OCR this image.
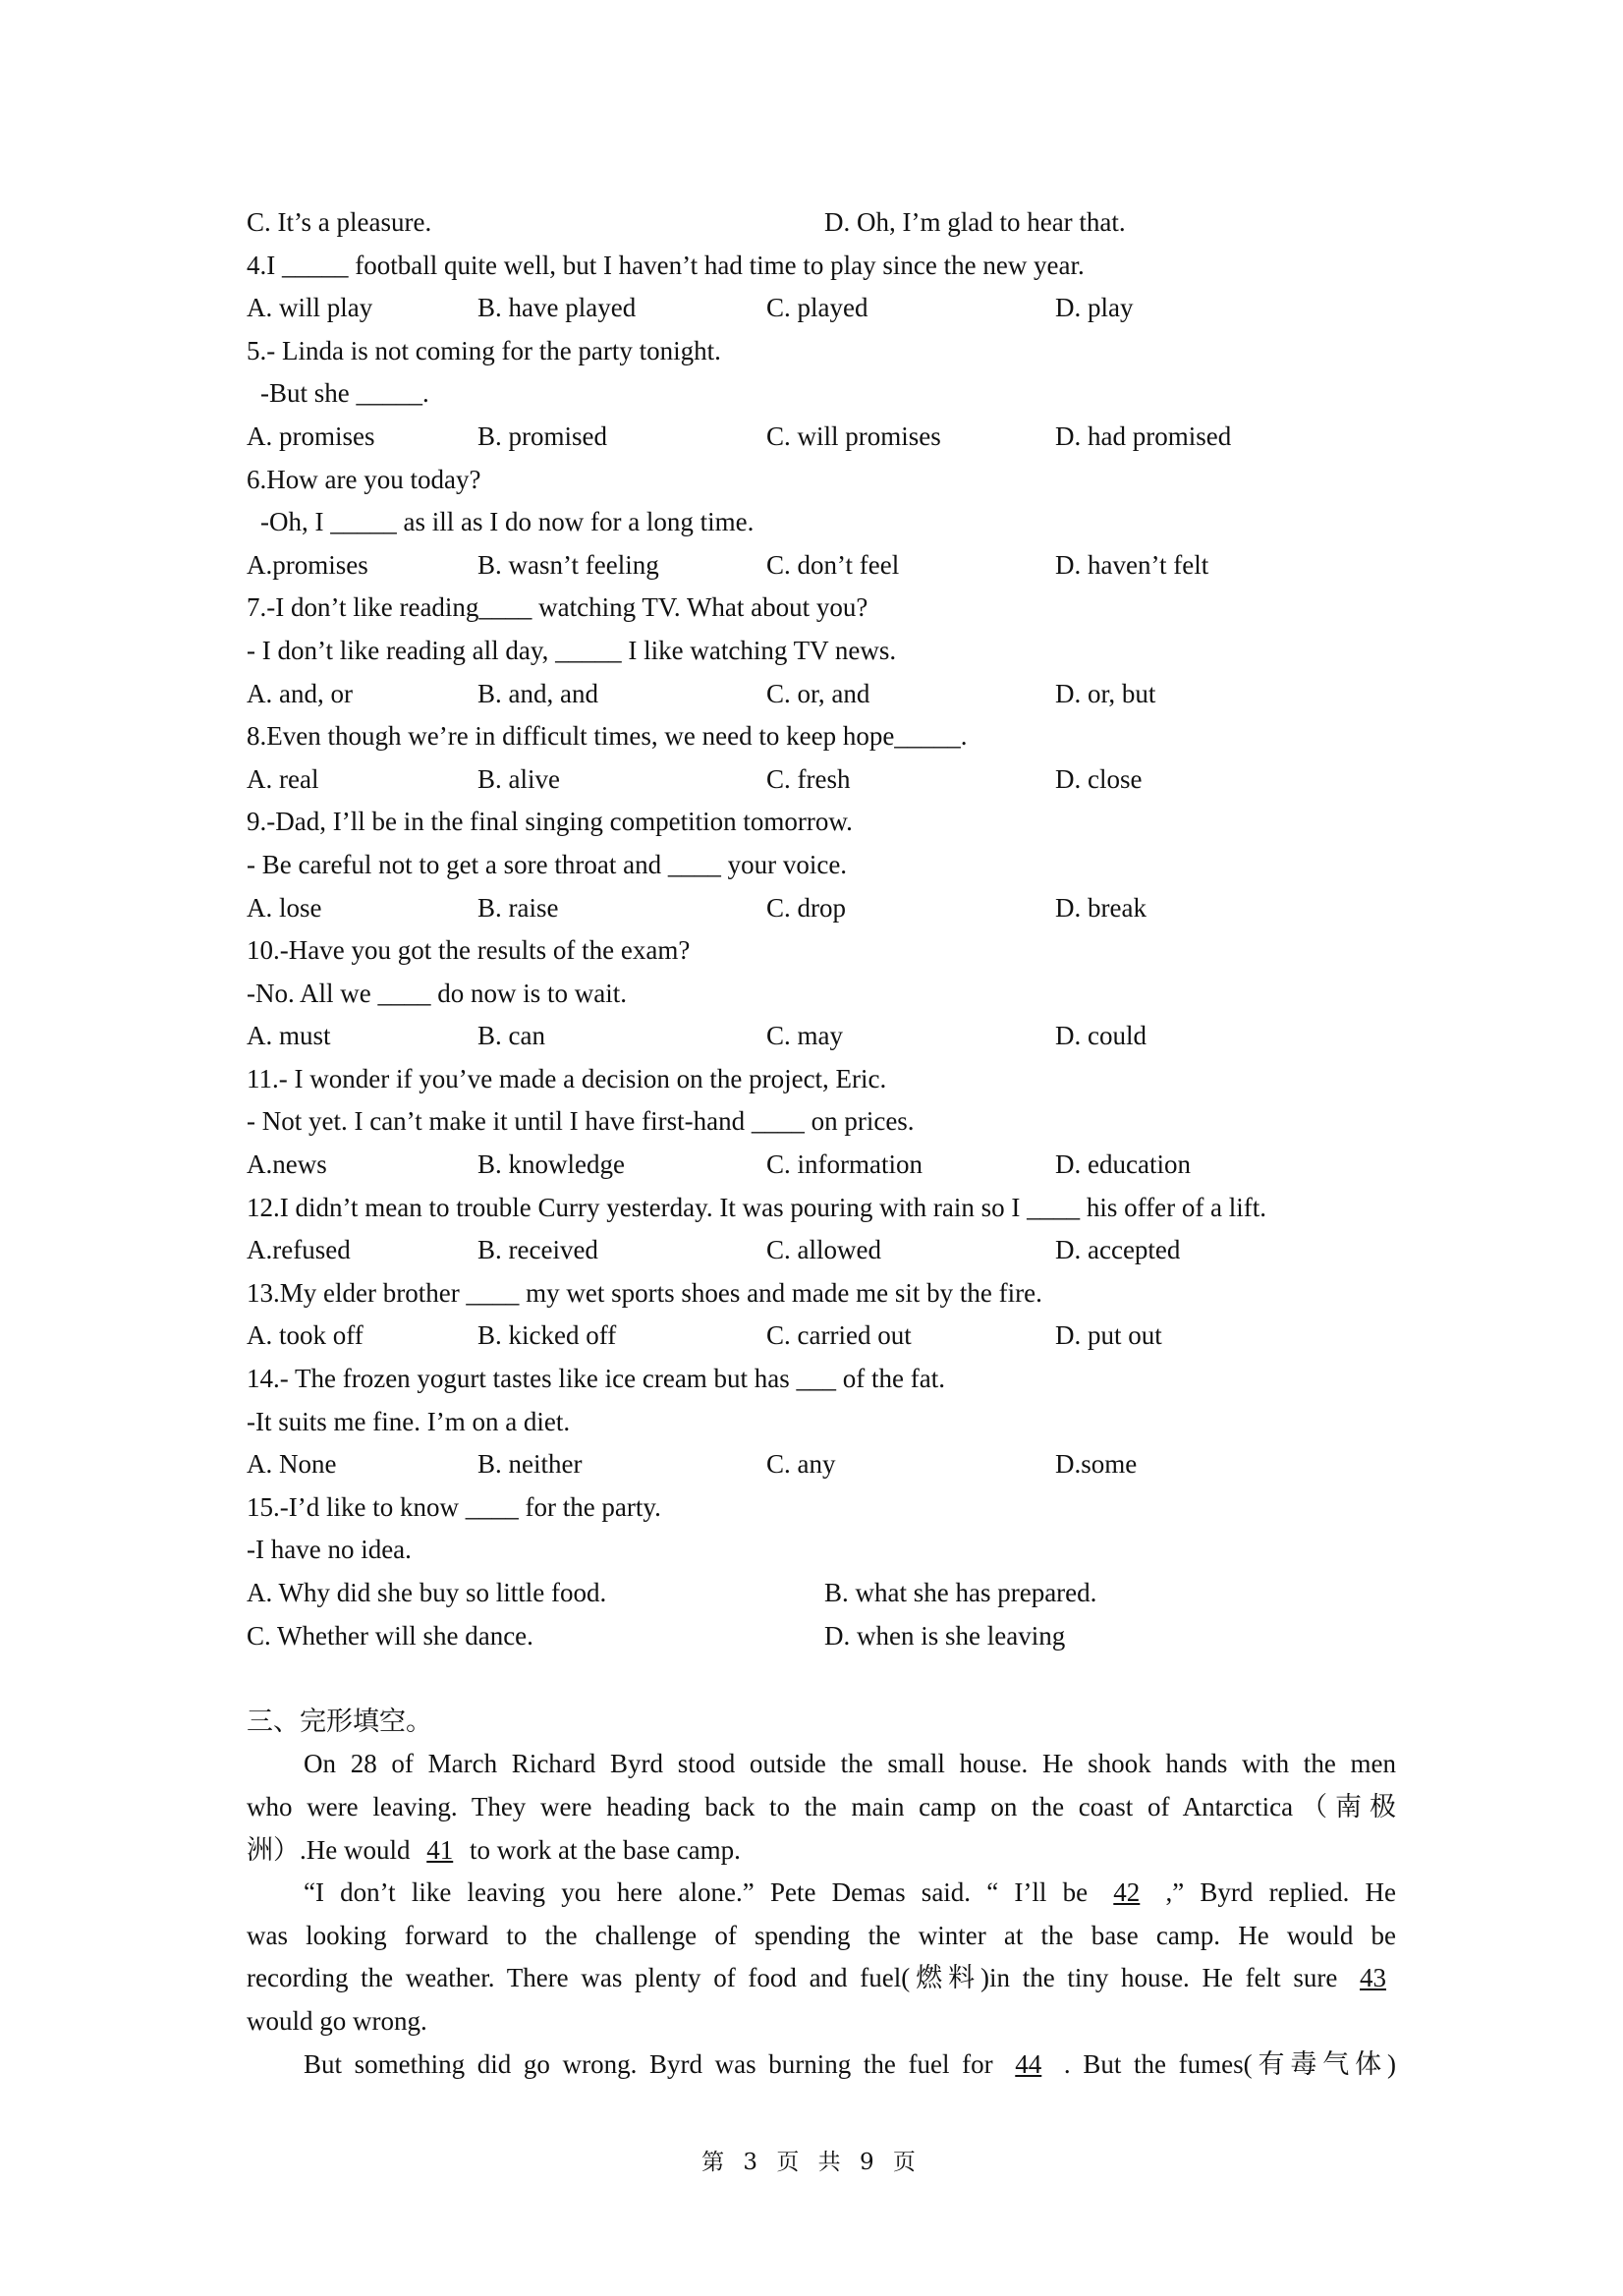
C. It’s a pleasure.	D. Oh, I’m glad to hear that.
4.I _____ football quite well, but I haven’t had time to play since the new year.
A. will play	B. have played	C. played	D. play
5.- Linda is not coming for the party tonight.
-But she _____.
A. promises	B. promised	C. will promises	D. had promised
6.How are you today?
-Oh, I _____ as ill as I do now for a long time.
A.promises	B. wasn’t feeling	C. don’t feel	D. haven’t felt
7.-I don’t like reading____ watching TV. What about you?
- I don’t like reading all day, _____ I like watching TV news.
A. and, or	B. and, and	C. or, and	D. or, but
8.Even though we’re in difficult times, we need to keep hope_____.
A. real	B. alive	C. fresh	D. close
9.-Dad, I’ll be in the final singing competition tomorrow.
- Be careful not to get a sore throat and ____ your voice.
A. lose	B. raise	C. drop	D. break
10.-Have you got the results of the exam?
-No. All we ____ do now is to wait.
A. must	B. can	C. may	D. could
11.- I wonder if you’ve made a decision on the project, Eric.
- Not yet. I can’t make it until I have first-hand ____ on prices.
A.news	B. knowledge	C. information	D. education
12.I didn’t mean to trouble Curry yesterday. It was pouring with rain so I ____ his offer of a lift.
A.refused	B. received	C. allowed	D. accepted
13.My elder brother ____ my wet sports shoes and made me sit by the fire.
A. took off	B. kicked off	C. carried out	D. put out
14.- The frozen yogurt tastes like ice cream but has ___ of the fat.
-It suits me fine. I’m on a diet.
A. None	B. neither	C. any	D.some
15.-I’d like to know ____ for the party.
-I have no idea.
A. Why did she buy so little food.	B. what she has prepared.
C. Whether will she dance.	D. when is she leaving
三、完形填空。
On 28 of March Richard Byrd stood outside the small house. He shook hands with the men
who were leaving. They were heading back to the main camp on the coast of Antarctica（南极
洲）.He would 41 to work at the base camp.
“I don’t like leaving you here alone.” Pete Demas said. “ I’ll be 42 ,” Byrd replied. He
was looking forward to the challenge of spending the winter at the base camp. He would be
recording the weather. There was plenty of food and fuel(燃料)in the tiny house. He felt sure 43
would go wrong.
But something did go wrong. Byrd was burning the fuel for 44 . But the fumes(有毒气体)
第 3 页 共 9 页
